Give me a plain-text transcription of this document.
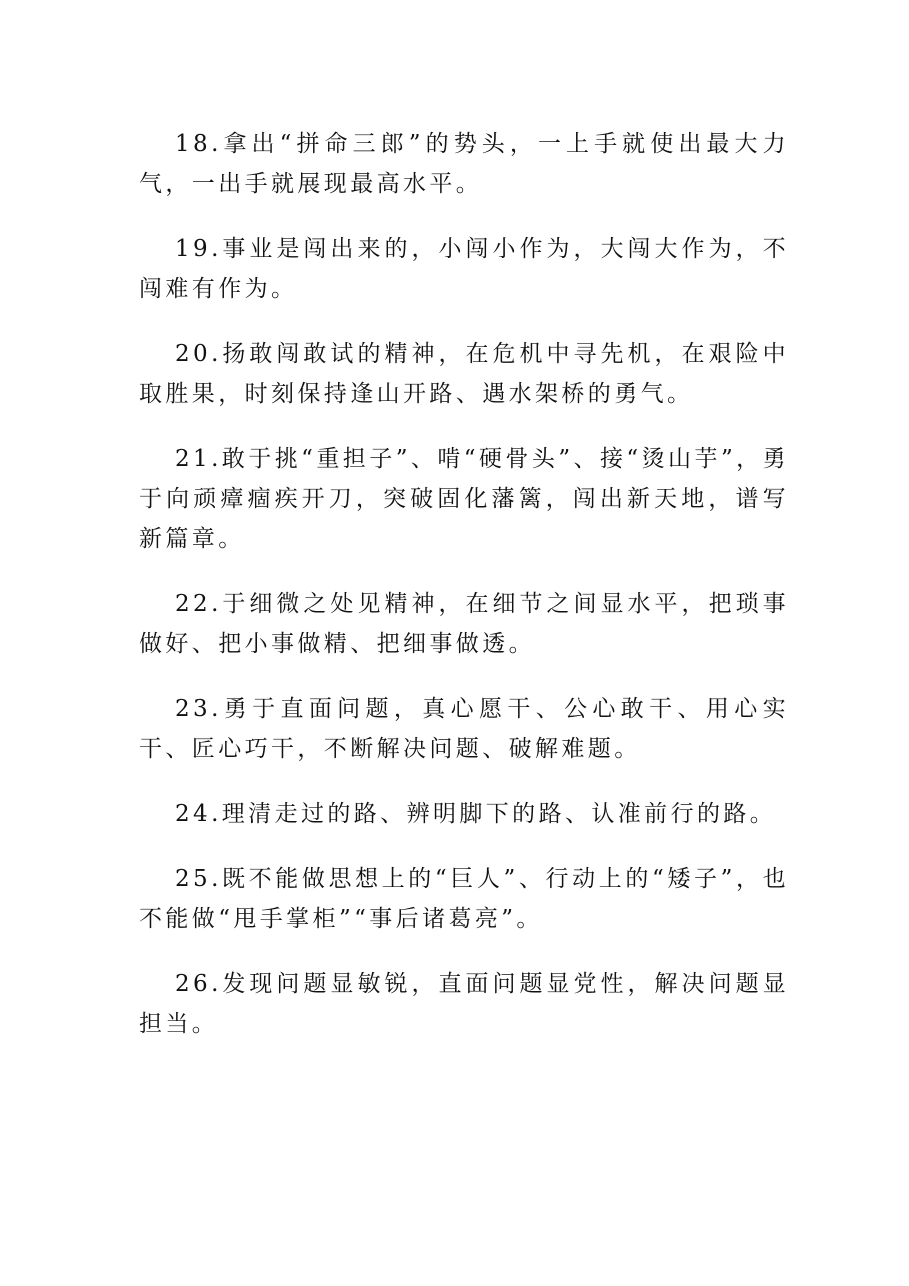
18.拿出“拼命三郎”的势头，一上手就使出最大力气，一出手就展现最高水平。

19.事业是闯出来的，小闯小作为，大闯大作为，不闯难有作为。

20.扬敢闯敢试的精神，在危机中寻先机，在艰险中取胜果，时刻保持逢山开路、遇水架桥的勇气。

21.敢于挑“重担子”、啃“硬骨头”、接“烫山芋”，勇于向顽瘴痼疾开刀，突破固化藩篱，闯出新天地，谱写新篇章。

22.于细微之处见精神，在细节之间显水平，把琐事做好、把小事做精、把细事做透。

23.勇于直面问题，真心愿干、公心敢干、用心实干、匠心巧干，不断解决问题、破解难题。

24.理清走过的路、辨明脚下的路、认准前行的路。

25.既不能做思想上的“巨人”、行动上的“矮子”，也不能做“甩手掌柜”“事后诸葛亮”。

26.发现问题显敏锐，直面问题显党性，解决问题显担当。
